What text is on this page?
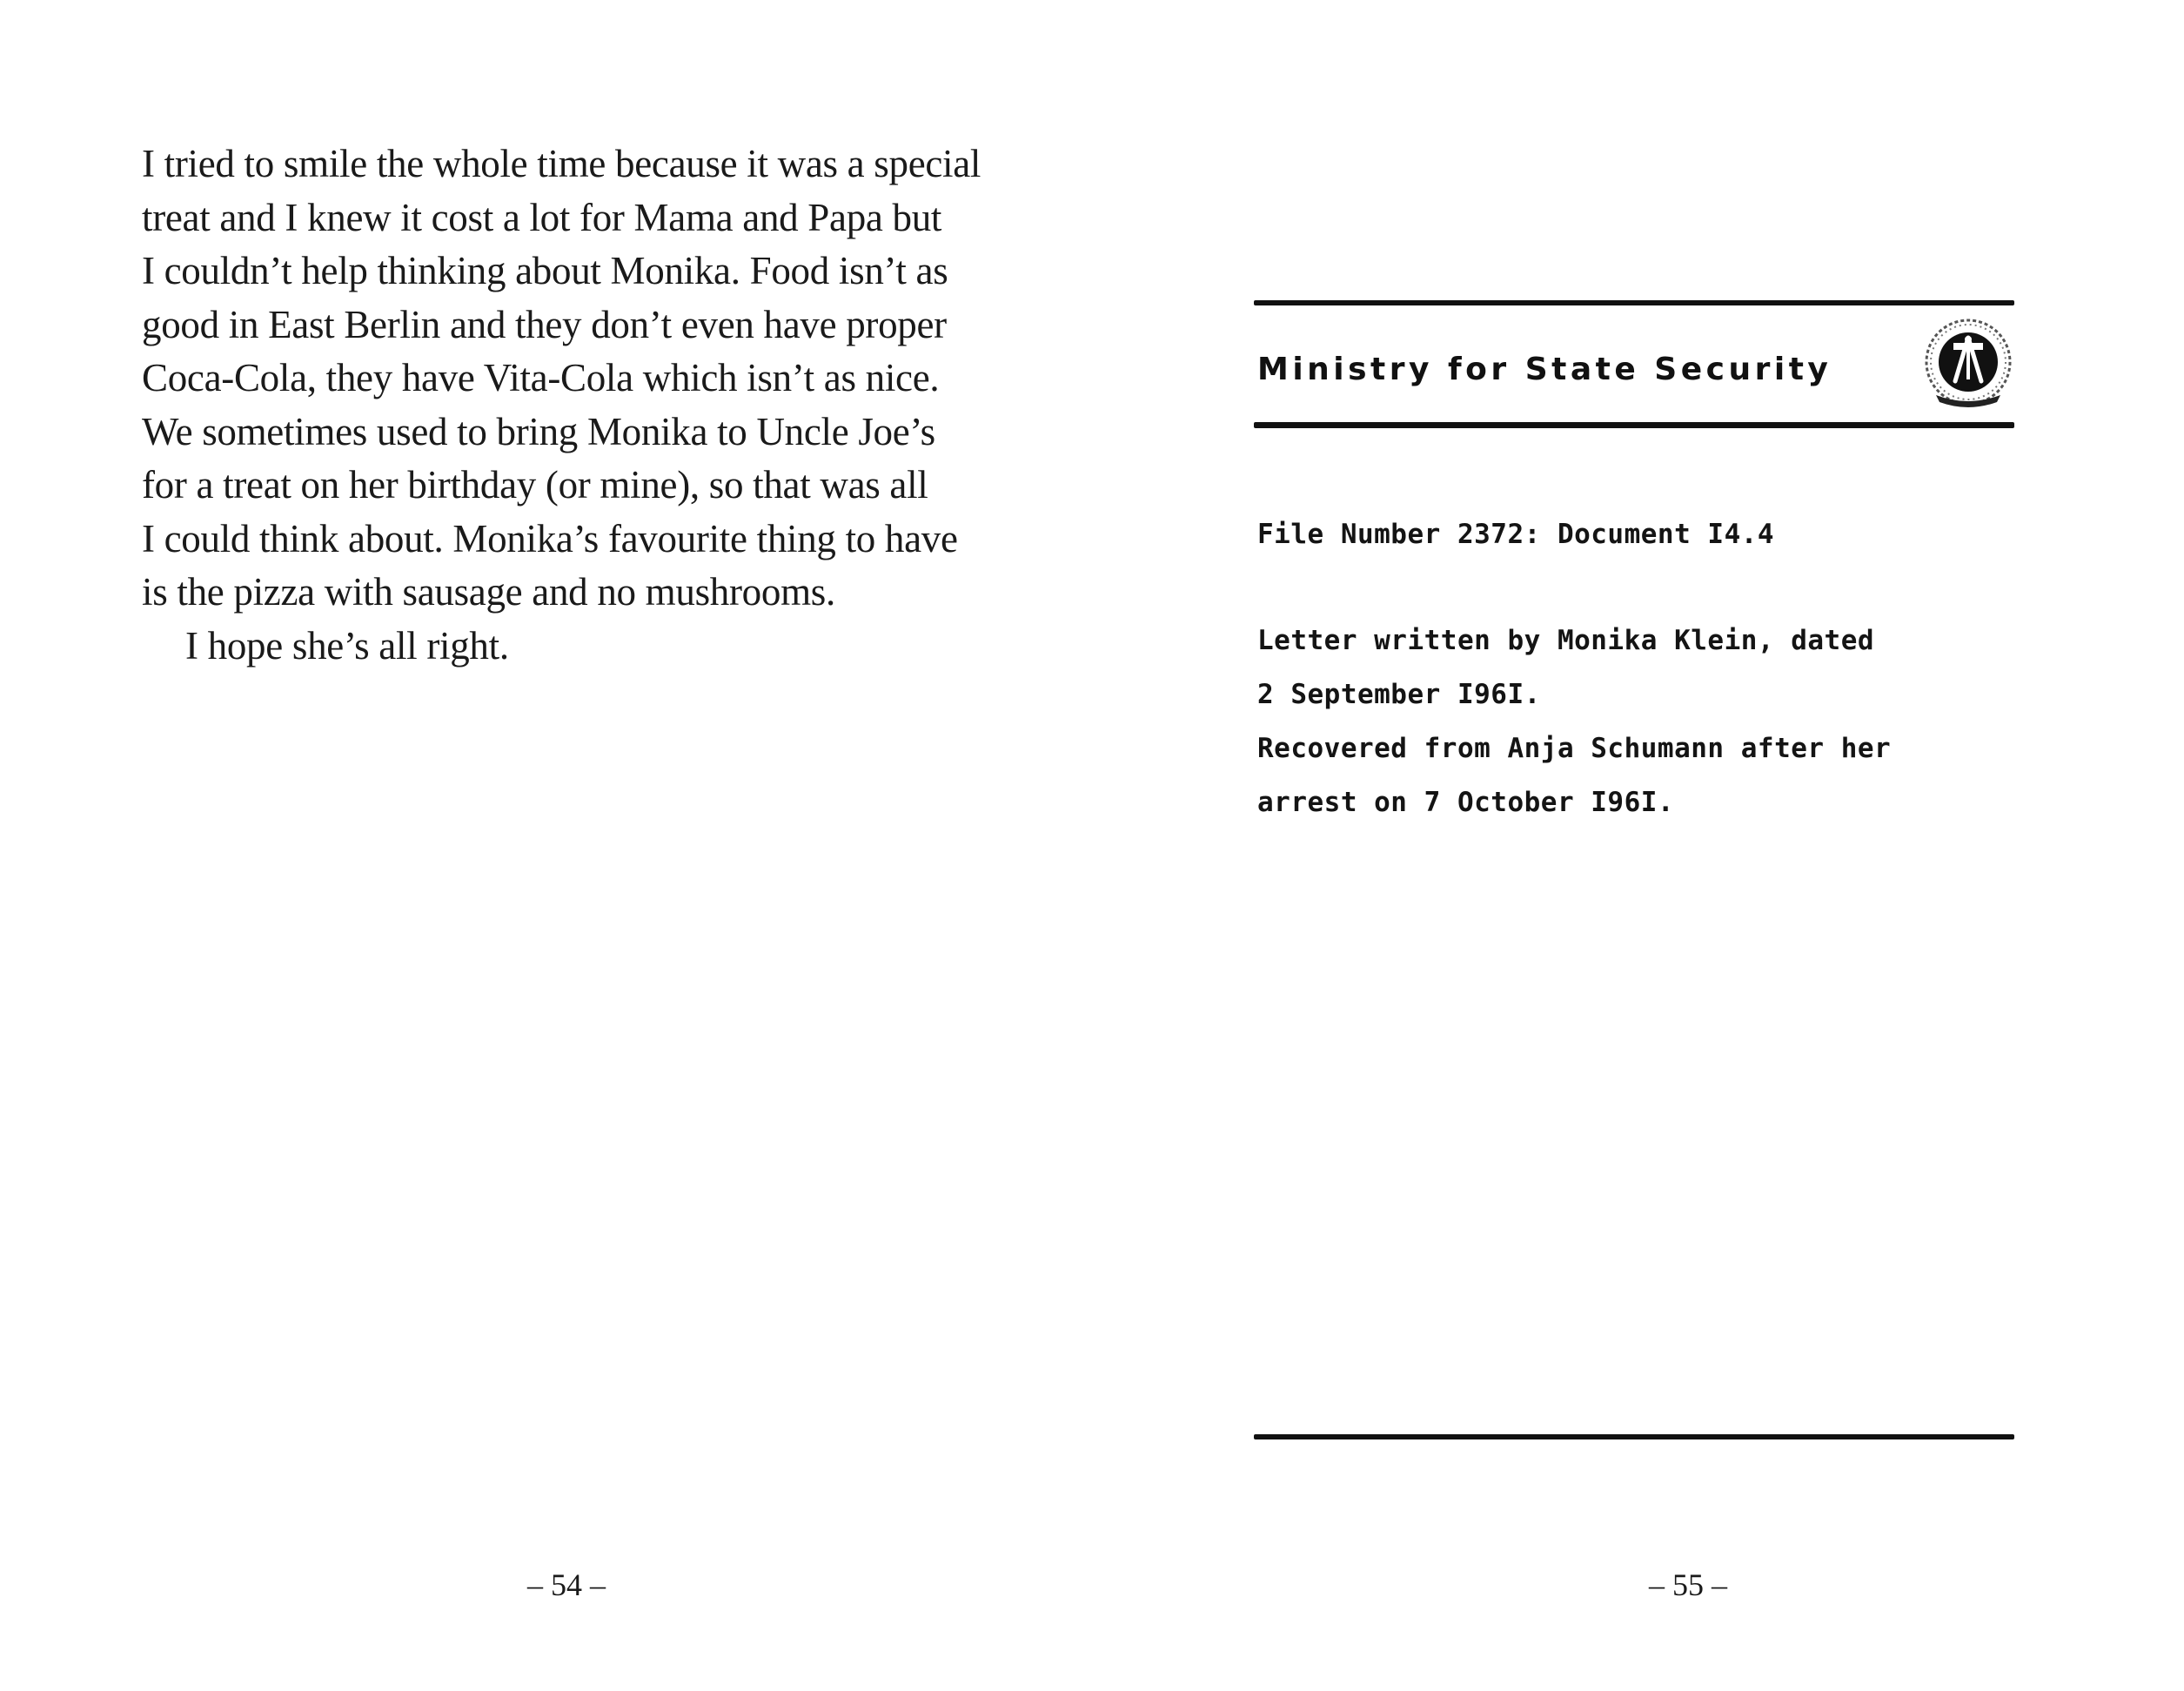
I tried to smile the whole time because it was a special
treat and I knew it cost a lot for Mama and Papa but
I couldn’t help thinking about Monika. Food isn’t as
good in East Berlin and they don’t even have proper
Coca-Cola, they have Vita-Cola which isn’t as nice.
We sometimes used to bring Monika to Uncle Joe’s
for a treat on her birthday (or mine), so that was all
I could think about. Monika’s favourite thing to have
is the pizza with sausage and no mushrooms.

I hope she’s all right.

– 54 –
Ministry for State Security
File Number 2372: Document I4.4
Letter written by Monika Klein, dated
2 September I96I.
Recovered from Anja Schumann after her
arrest on 7 October I96I.
– 55 –
